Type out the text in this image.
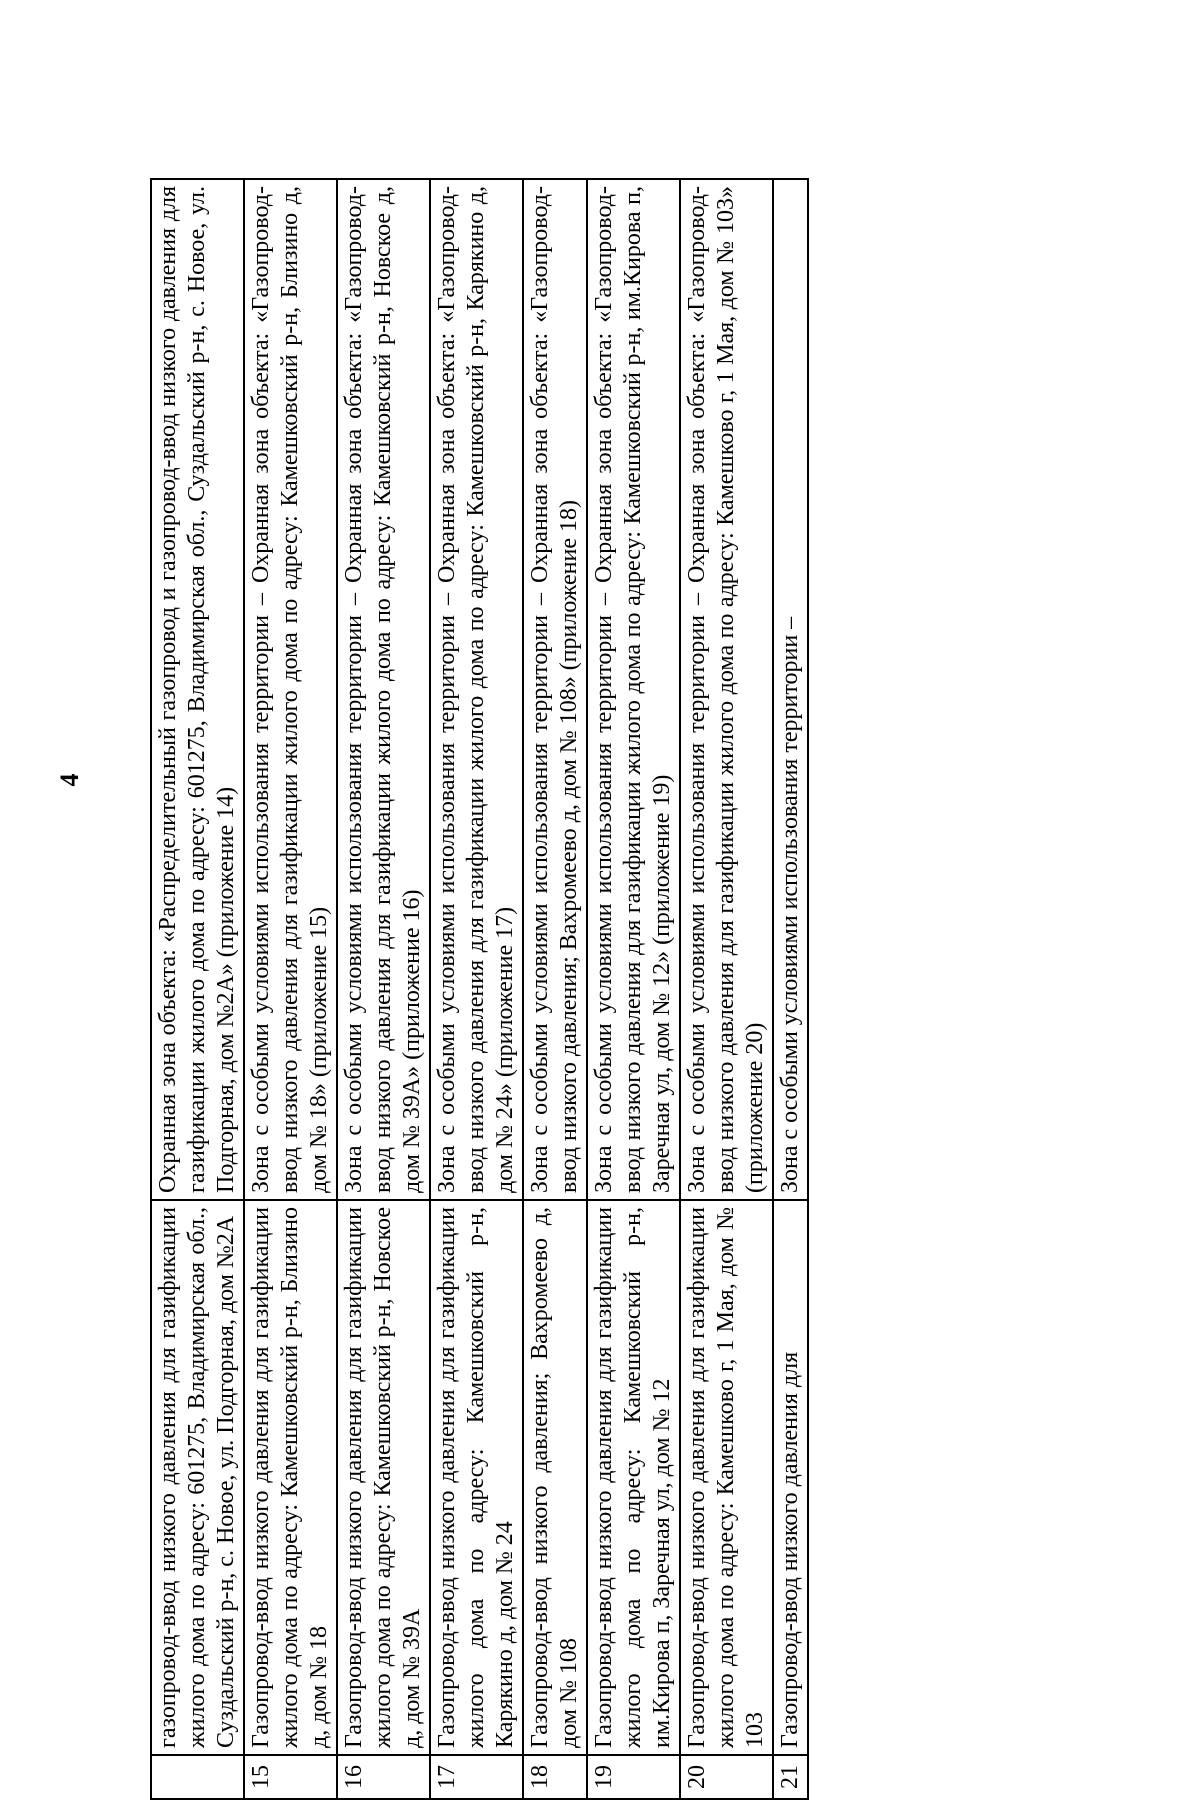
4
	газопровод-ввод низкого давления для газификации жилого дома по адресу: 601275, Владимирская обл., Суздальский р-н, с. Новое, ул. Подгорная, дом №2А	Охранная зона объекта: «Распределительный газопровод и газопровод-ввод низкого давления для газификации жилого дома по адресу: 601275, Владимирская обл., Суздальский р-н, с. Новое, ул. Подгорная, дом №2А» (приложение 14)
15	Газопровод-ввод низкого давления для газификации жилого дома по адресу: Камешковский р-н, Близино д, дом № 18	Зона с особыми условиями использования территории – Охранная зона объекта: «Газопровод-ввод низкого давления для газификации жилого дома по адресу: Камешковский р-н, Близино д, дом № 18» (приложение 15)
16	Газопровод-ввод низкого давления для газификации жилого дома по адресу: Камешковский р-н, Новское д, дом № 39А	Зона с особыми условиями использования территории – Охранная зона объекта: «Газопровод-ввод низкого давления для газификации жилого дома по адресу: Камешковский р-н, Новское д, дом № 39А» (приложение 16)
17	Газопровод-ввод низкого давления для газификации жилого дома по адресу: Камешковский р-н, Карякино д, дом № 24	Зона с особыми условиями использования территории – Охранная зона объекта: «Газопровод-ввод низкого давления для газификации жилого дома по адресу: Камешковский р-н, Карякино д, дом № 24» (приложение 17)
18	Газопровод-ввод низкого давления; Вахромеево д, дом № 108	Зона с особыми условиями использования территории – Охранная зона объекта: «Газопровод-ввод низкого давления; Вахромеево д, дом № 108» (приложение 18)
19	Газопровод-ввод низкого давления для газификации жилого дома по адресу: Камешковский р-н, им.Кирова п, Заречная ул, дом № 12	Зона с особыми условиями использования территории – Охранная зона объекта: «Газопровод-ввод низкого давления для газификации жилого дома по адресу: Камешковский р-н, им.Кирова п, Заречная ул, дом № 12» (приложение 19)
20	Газопровод-ввод низкого давления для газификации жилого дома по адресу: Камешково г, 1 Мая, дом № 103	Зона с особыми условиями использования территории – Охранная зона объекта: «Газопровод-ввод низкого давления для газификации жилого дома по адресу: Камешково г, 1 Мая, дом № 103» (приложение 20)
21	Газопровод-ввод низкого давления для	Зона с особыми условиями использования территории –
